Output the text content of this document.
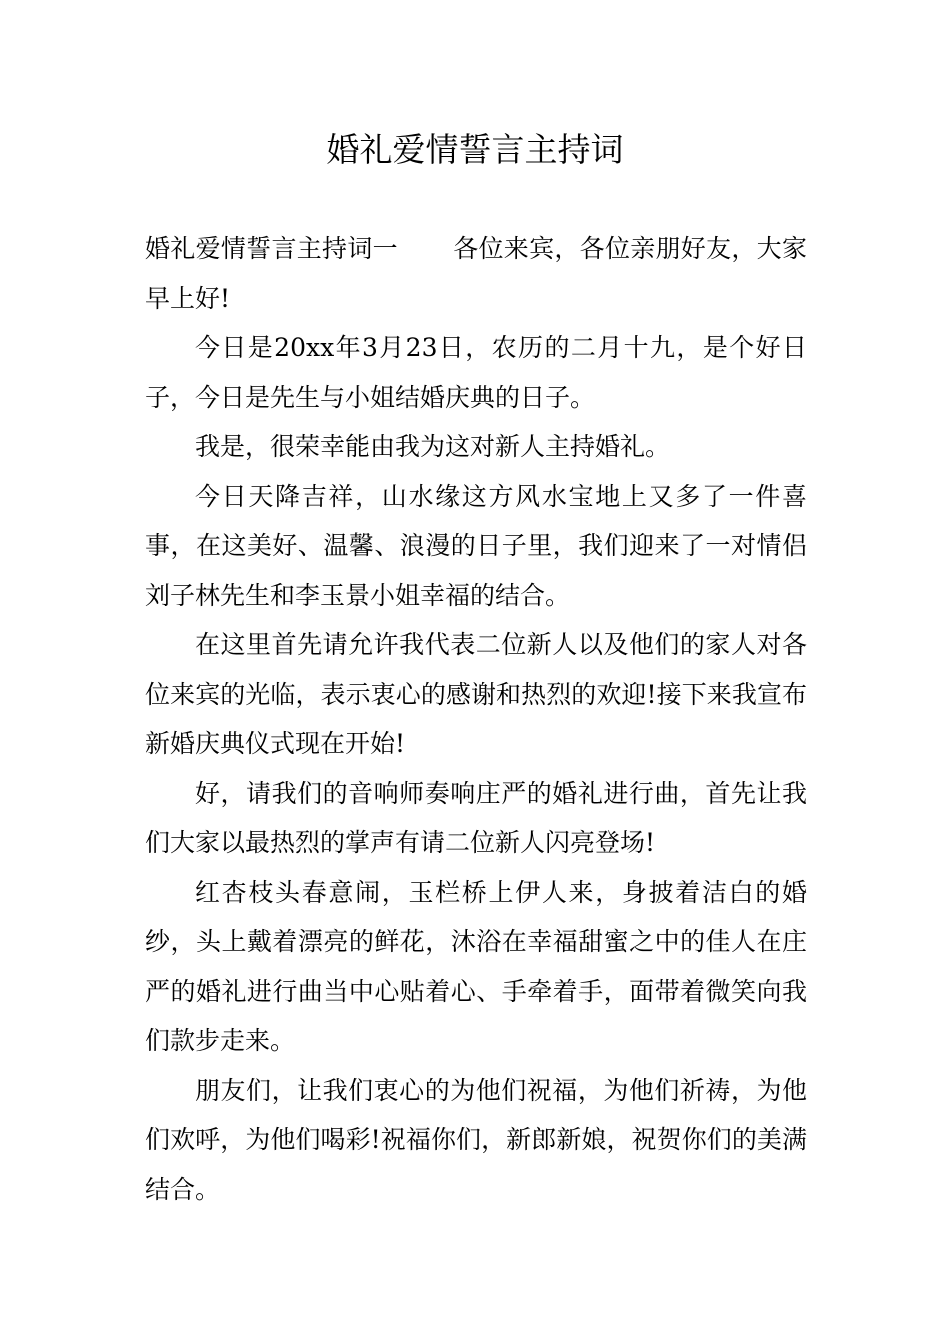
婚礼爱情誓言主持词

婚礼爱情誓言主持词一 各位来宾，各位亲朋好友，大家早上好!

今日是20xx年3月23日，农历的二月十九，是个好日子，今日是先生与小姐结婚庆典的日子。

我是，很荣幸能由我为这对新人主持婚礼。

今日天降吉祥，山水缘这方风水宝地上又多了一件喜事，在这美好、温馨、浪漫的日子里，我们迎来了一对情侣刘子林先生和李玉景小姐幸福的结合。

在这里首先请允许我代表二位新人以及他们的家人对各位来宾的光临，表示衷心的感谢和热烈的欢迎!接下来我宣布新婚庆典仪式现在开始!

好，请我们的音响师奏响庄严的婚礼进行曲，首先让我们大家以最热烈的掌声有请二位新人闪亮登场!

红杏枝头春意闹，玉栏桥上伊人来，身披着洁白的婚纱，头上戴着漂亮的鲜花，沐浴在幸福甜蜜之中的佳人在庄严的婚礼进行曲当中心贴着心、手牵着手，面带着微笑向我们款步走来。

朋友们，让我们衷心的为他们祝福，为他们祈祷，为他们欢呼，为他们喝彩!祝福你们，新郎新娘，祝贺你们的美满结合。
